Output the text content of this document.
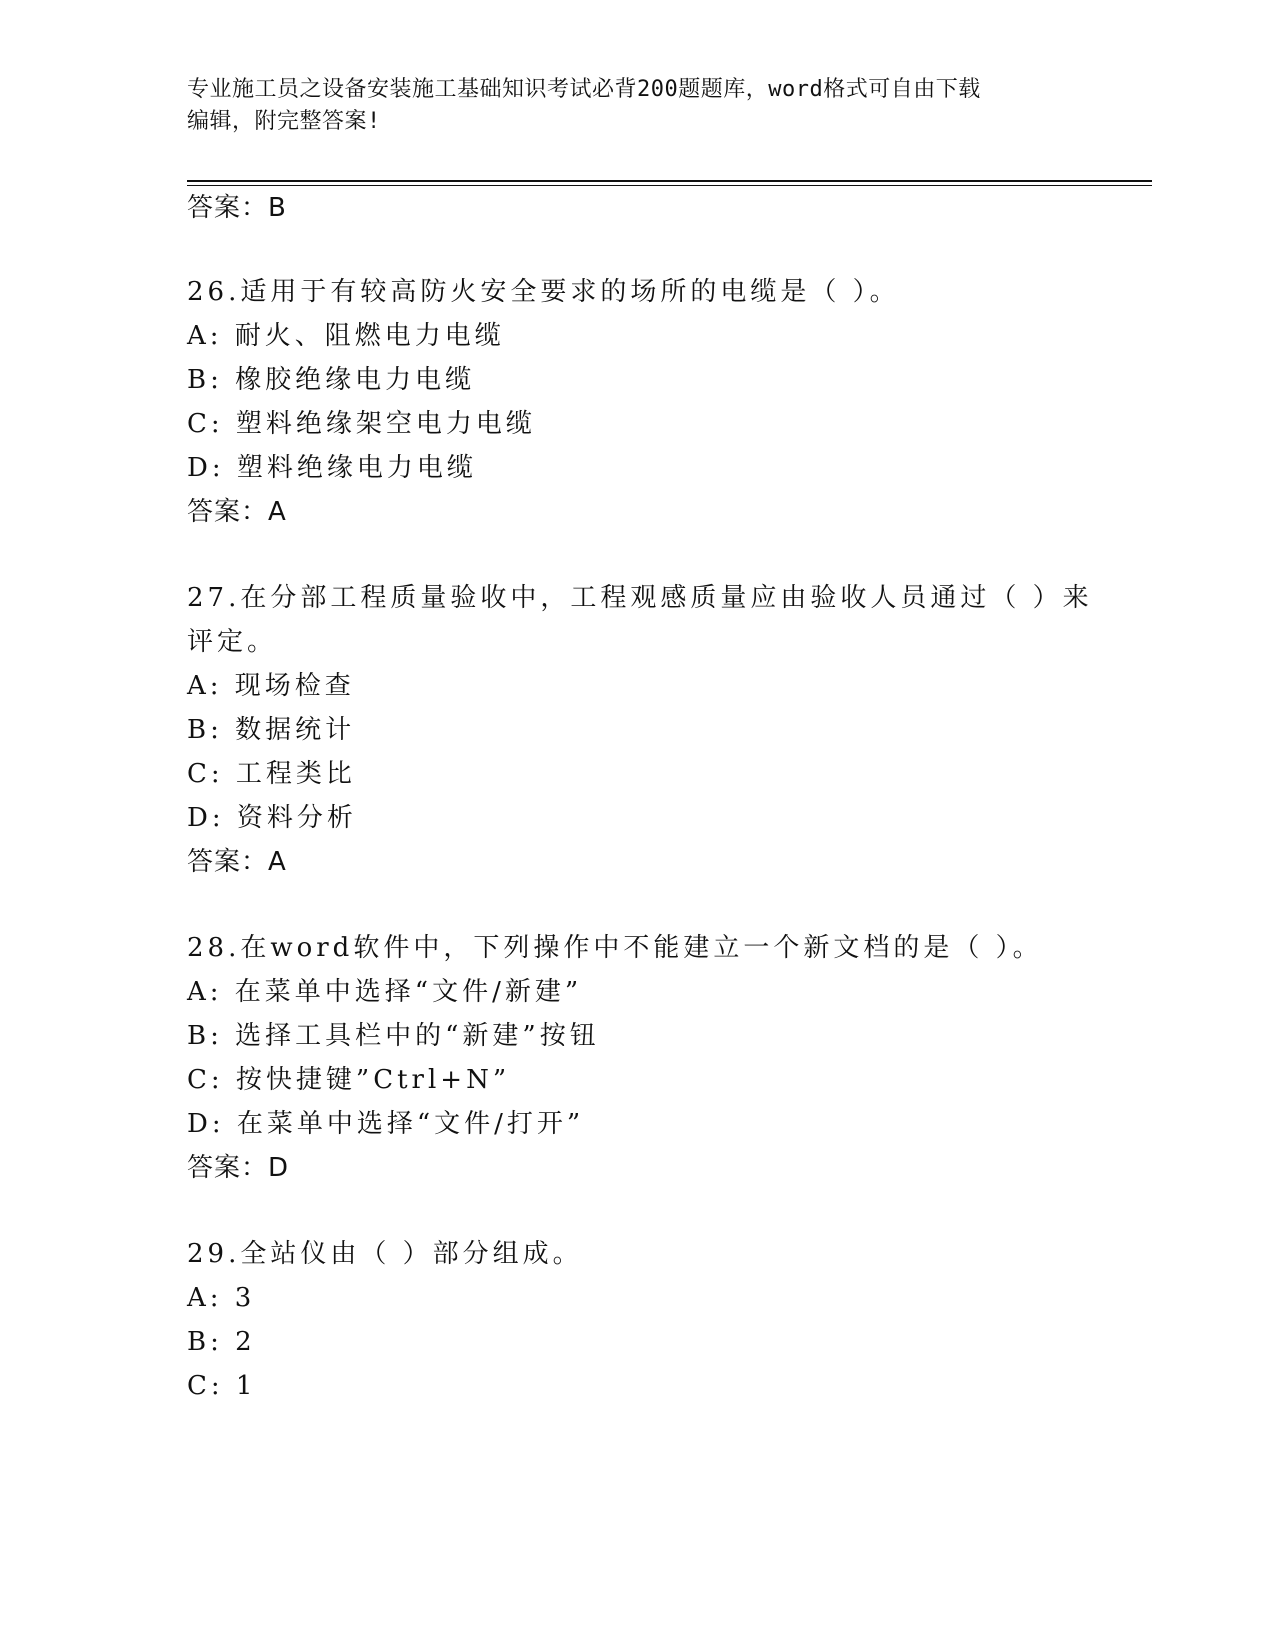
专业施工员之设备安装施工基础知识考试必背200题题库，word格式可自由下载
编辑，附完整答案!
答案：B
26.适用于有较高防火安全要求的场所的电缆是（ ）。
A: 耐火、阻燃电力电缆
B: 橡胶绝缘电力电缆
C: 塑料绝缘架空电力电缆
D: 塑料绝缘电力电缆
答案：A
27.在分部工程质量验收中，工程观感质量应由验收人员通过（ ）来
评定。
A: 现场检查
B: 数据统计
C: 工程类比
D: 资料分析
答案：A
28.在word软件中，下列操作中不能建立一个新文档的是（ ）。
A: 在菜单中选择“文件/新建”
B: 选择工具栏中的“新建”按钮
C: 按快捷键”Ctrl+N”
D: 在菜单中选择“文件/打开”
答案：D
29.全站仪由（ ）部分组成。
A: 3
B: 2
C: 1
